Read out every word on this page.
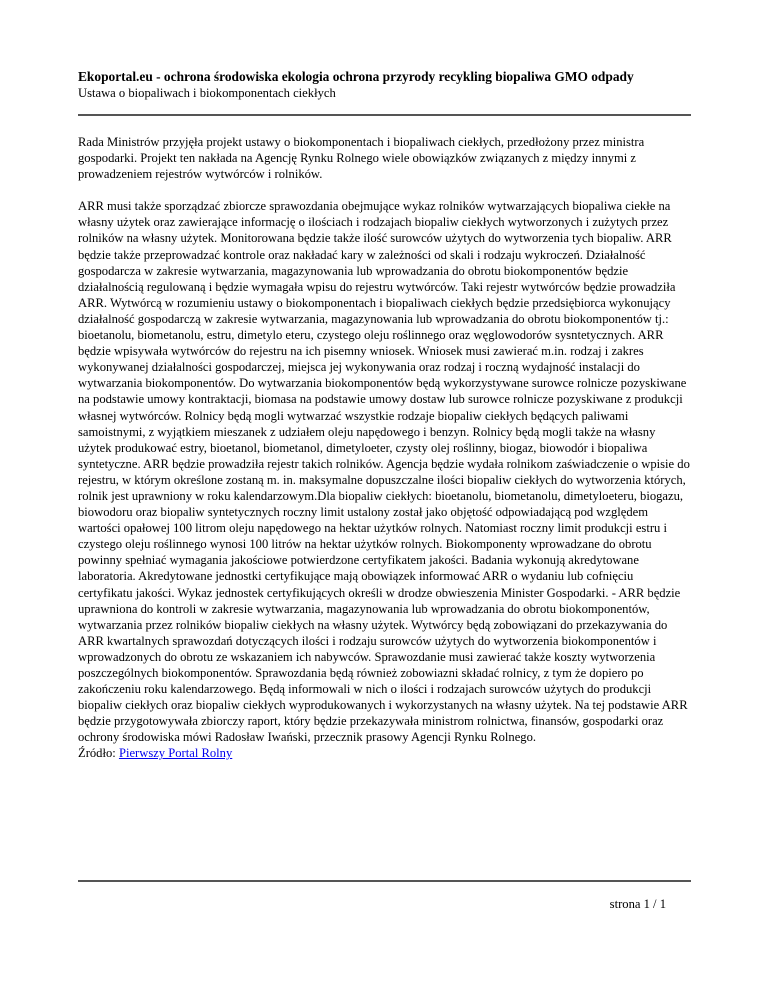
Ekoportal.eu - ochrona środowiska ekologia ochrona przyrody recykling biopaliwa GMO odpady

Ustawa o biopaliwach i biokomponentach ciekłych

Rada Ministrów przyjęła projekt ustawy o biokomponentach i biopaliwach ciekłych, przedłożony przez ministra gospodarki. Projekt ten nakłada na Agencję Rynku Rolnego wiele obowiązków związanych z między innymi z prowadzeniem rejestrów wytwórców i rolników.

ARR musi także sporządzać zbiorcze sprawozdania obejmujące wykaz rolników wytwarzających biopaliwa ciekłe na własny użytek oraz zawierające informację o ilościach i rodzajach biopaliw ciekłych wytworzonych i zużytych przez rolników na własny użytek. Monitorowana będzie także ilość surowców użytych do wytworzenia tych biopaliw. ARR będzie także przeprowadzać kontrole oraz nakładać kary w zależności od skali i rodzaju wykroczeń. Działalność gospodarcza w zakresie wytwarzania, magazynowania lub wprowadzania do obrotu biokomponentów będzie działalnością regulowaną i będzie wymagała wpisu do rejestru wytwórców. Taki rejestr wytwórców będzie prowadziła ARR. Wytwórcą w rozumieniu ustawy o biokomponentach i biopaliwach ciekłych będzie przedsiębiorca wykonujący działalność gospodarczą w zakresie wytwarzania, magazynowania lub wprowadzania do obrotu biokomponentów tj.: bioetanolu, biometanolu, estru, dimetylo eteru, czystego oleju roślinnego oraz węglowodorów sysntetycznych. ARR będzie wpisywała wytwórców do rejestru na ich pisemny wniosek. Wniosek musi zawierać m.in. rodzaj i zakres wykonywanej działalności gospodarczej, miejsca jej wykonywania oraz rodzaj i roczną wydajność instalacji do wytwarzania biokomponentów. Do wytwarzania biokomponentów będą wykorzystywane surowce rolnicze pozyskiwane na podstawie umowy kontraktacji, biomasa na podstawie umowy dostaw lub surowce rolnicze pozyskiwane z produkcji własnej wytwórców. Rolnicy będą mogli wytwarzać wszystkie rodzaje biopaliw ciekłych będących paliwami samoistnymi, z wyjątkiem mieszanek z udziałem oleju napędowego i benzyn. Rolnicy będą mogli także na własny użytek produkować estry, bioetanol, biometanol, dimetyloeter, czysty olej roślinny, biogaz, biowodór i biopaliwa syntetyczne. ARR będzie prowadziła rejestr takich rolników. Agencja będzie wydała rolnikom zaświadczenie o wpisie do rejestru, w którym określone zostaną m. in. maksymalne dopuszczalne ilości biopaliw ciekłych do wytworzenia których, rolnik jest uprawniony w roku kalendarzowym.Dla biopaliw ciekłych: bioetanolu, biometanolu, dimetyloeteru, biogazu, biowodoru oraz biopaliw syntetycznych roczny limit ustalony został jako objętość odpowiadającą pod względem wartości opałowej 100 litrom oleju napędowego na hektar użytków rolnych. Natomiast roczny limit produkcji estru i czystego oleju roślinnego wynosi 100 litrów na hektar użytków rolnych. Biokomponenty wprowadzane do obrotu powinny spełniać wymagania jakościowe potwierdzone certyfikatem jakości. Badania wykonują akredytowane laboratoria. Akredytowane jednostki certyfikujące mają obowiązek informować ARR o wydaniu lub cofnięciu certyfikatu jakości. Wykaz jednostek certyfikujących określi w drodze obwieszenia Minister Gospodarki. - ARR będzie uprawniona do kontroli w zakresie wytwarzania, magazynowania lub wprowadzania do obrotu biokomponentów, wytwarzania przez rolników biopaliw ciekłych na własny użytek. Wytwórcy będą zobowiązani do przekazywania do ARR kwartalnych sprawozdań dotyczących ilości i rodzaju surowców użytych do wytworzenia biokomponentów i wprowadzonych do obrotu ze wskazaniem ich nabywców. Sprawozdanie musi zawierać także koszty wytworzenia poszczególnych biokomponentów. Sprawozdania będą również zobowiazni składać rolnicy, z tym że dopiero po zakończeniu roku kalendarzowego. Będą informowali w nich o ilości i rodzajach surowców użytych do produkcji biopaliw ciekłych oraz biopaliw ciekłych wyprodukowanych i wykorzystanych na własny użytek. Na tej podstawie ARR będzie przygotowywała zbiorczy raport, który będzie przekazywała ministrom rolnictwa, finansów, gospodarki oraz ochrony środowiska mówi Radosław Iwański, przecznik prasowy Agencji Rynku Rolnego.

Źródło: Pierwszy Portal Rolny
strona 1 / 1
